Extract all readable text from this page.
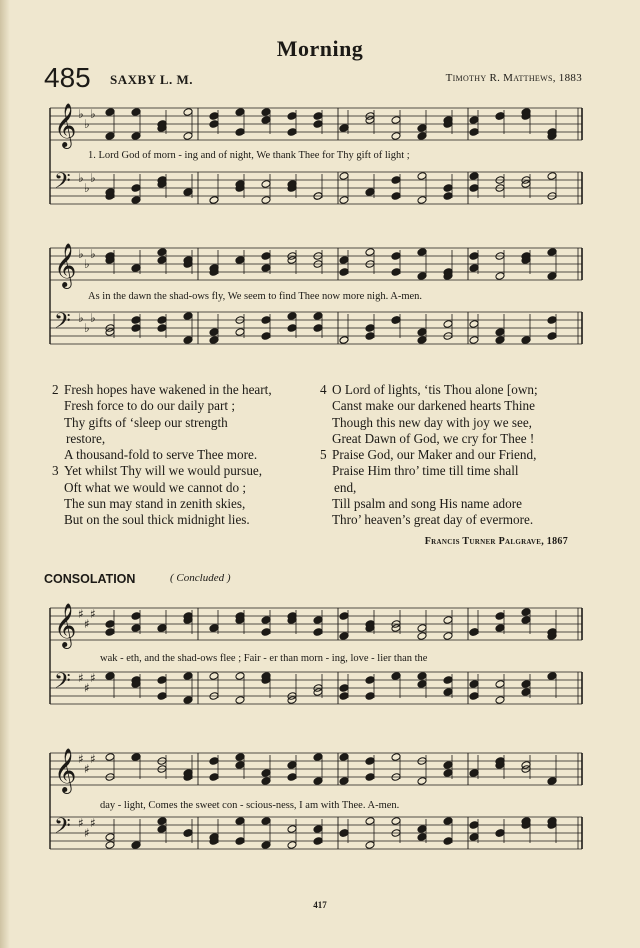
Morning
485 SAXBY L. M.	Timothy R. Matthews, 1883
𝄞 ♭
♭
♭
𝄢 ♭
♭
♭
1. Lord God of morn - ing and of night, We thank Thee for Thy gift of light ;
𝄞 ♭
♭
♭
𝄢 ♭
♭
♭
As in the dawn the shad-ows fly, We seem to find Thee now more nigh. A-men.
2 Fresh hopes have wakened in the heart,
Fresh force to do our daily part ;
Thy gifts of ʻsleep our strength
restore,
A thousand-fold to serve Thee more.
3 Yet whilst Thy will we would pursue,
Oft what we would we cannot do ;
The sun may stand in zenith skies,
But on the soul thick midnight lies.
4 O Lord of lights, ʻtis Thou alone [own;
Canst make our darkened hearts Thine
Though this new day with joy we see,
Great Dawn of God, we cry for Thee !
5 Praise God, our Maker and our Friend,
Praise Him thro’ time till time shall
end,
Till psalm and song His name adore
Thro’ heaven’s great day of evermore.
Francis Turner Palgrave, 1867
CONSOLATION	( Concluded )
𝄞 ♯
♯
♯
𝄢 ♯
♯
♯
wak - eth, and the shad-ows flee ; Fair - er than morn - ing, love - lier than the
𝄞 ♯
♯
♯
𝄢 ♯
♯
♯
day - light, Comes the sweet con - scious-ness, I am with Thee. A-men.
417
